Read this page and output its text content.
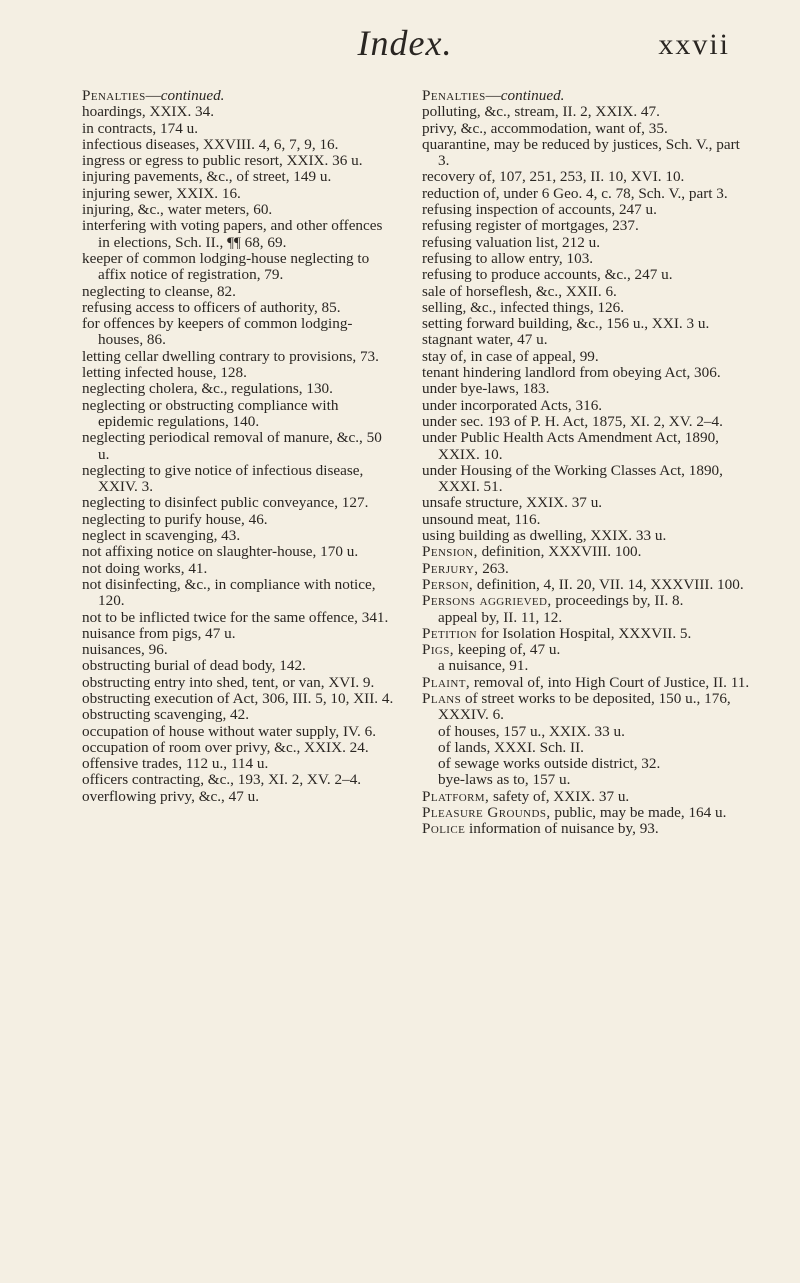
Index.	xxvii

Penalties—continued.

hoardings, XXIX. 34.

in contracts, 174 u.

infectious diseases, XXVIII. 4, 6, 7, 9, 16.

ingress or egress to public resort, XXIX. 36 u.

injuring pavements, &c., of street, 149 u.

injuring sewer, XXIX. 16.

injuring, &c., water meters, 60.

interfering with voting papers, and other offences in elections, Sch. II., ¶¶ 68, 69.

keeper of common lodging-house neglecting to affix notice of registration, 79.

neglecting to cleanse, 82.

refusing access to officers of authority, 85.

for offences by keepers of common lodging-houses, 86.

letting cellar dwelling contrary to provisions, 73.

letting infected house, 128.

neglecting cholera, &c., regulations, 130.

neglecting or obstructing compliance with epidemic regulations, 140.

neglecting periodical removal of manure, &c., 50 u.

neglecting to give notice of infectious disease, XXIV. 3.

neglecting to disinfect public conveyance, 127.

neglecting to purify house, 46.

neglect in scavenging, 43.

not affixing notice on slaughter-house, 170 u.

not doing works, 41.

not disinfecting, &c., in compliance with notice, 120.

not to be inflicted twice for the same offence, 341.

nuisance from pigs, 47 u.

nuisances, 96.

obstructing burial of dead body, 142.

obstructing entry into shed, tent, or van, XVI. 9.

obstructing execution of Act, 306, III. 5, 10, XII. 4.

obstructing scavenging, 42.

occupation of house without water supply, IV. 6.

occupation of room over privy, &c., XXIX. 24.

offensive trades, 112 u., 114 u.

officers contracting, &c., 193, XI. 2, XV. 2–4.

overflowing privy, &c., 47 u.

Penalties—continued.

polluting, &c., stream, II. 2, XXIX. 47.

privy, &c., accommodation, want of, 35.

quarantine, may be reduced by justices, Sch. V., part 3.

recovery of, 107, 251, 253, II. 10, XVI. 10.

reduction of, under 6 Geo. 4, c. 78, Sch. V., part 3.

refusing inspection of accounts, 247 u.

refusing register of mortgages, 237.

refusing valuation list, 212 u.

refusing to allow entry, 103.

refusing to produce accounts, &c., 247 u.

sale of horseflesh, &c., XXII. 6.

selling, &c., infected things, 126.

setting forward building, &c., 156 u., XXI. 3 u.

stagnant water, 47 u.

stay of, in case of appeal, 99.

tenant hindering landlord from obeying Act, 306.

under bye-laws, 183.

under incorporated Acts, 316.

under sec. 193 of P. H. Act, 1875, XI. 2, XV. 2–4.

under Public Health Acts Amendment Act, 1890, XXIX. 10.

under Housing of the Working Classes Act, 1890, XXXI. 51.

unsafe structure, XXIX. 37 u.

unsound meat, 116.

using building as dwelling, XXIX. 33 u.

Pension, definition, XXXVIII. 100.

Perjury, 263.

Person, definition, 4, II. 20, VII. 14, XXXVIII. 100.

Persons aggrieved, proceedings by, II. 8.

appeal by, II. 11, 12.

Petition for Isolation Hospital, XXXVII. 5.

Pigs, keeping of, 47 u.

a nuisance, 91.

Plaint, removal of, into High Court of Justice, II. 11.

Plans of street works to be deposited, 150 u., 176, XXXIV. 6.

of houses, 157 u., XXIX. 33 u.

of lands, XXXI. Sch. II.

of sewage works outside district, 32.

bye-laws as to, 157 u.

Platform, safety of, XXIX. 37 u.

Pleasure Grounds, public, may be made, 164 u.

Police information of nuisance by, 93.
